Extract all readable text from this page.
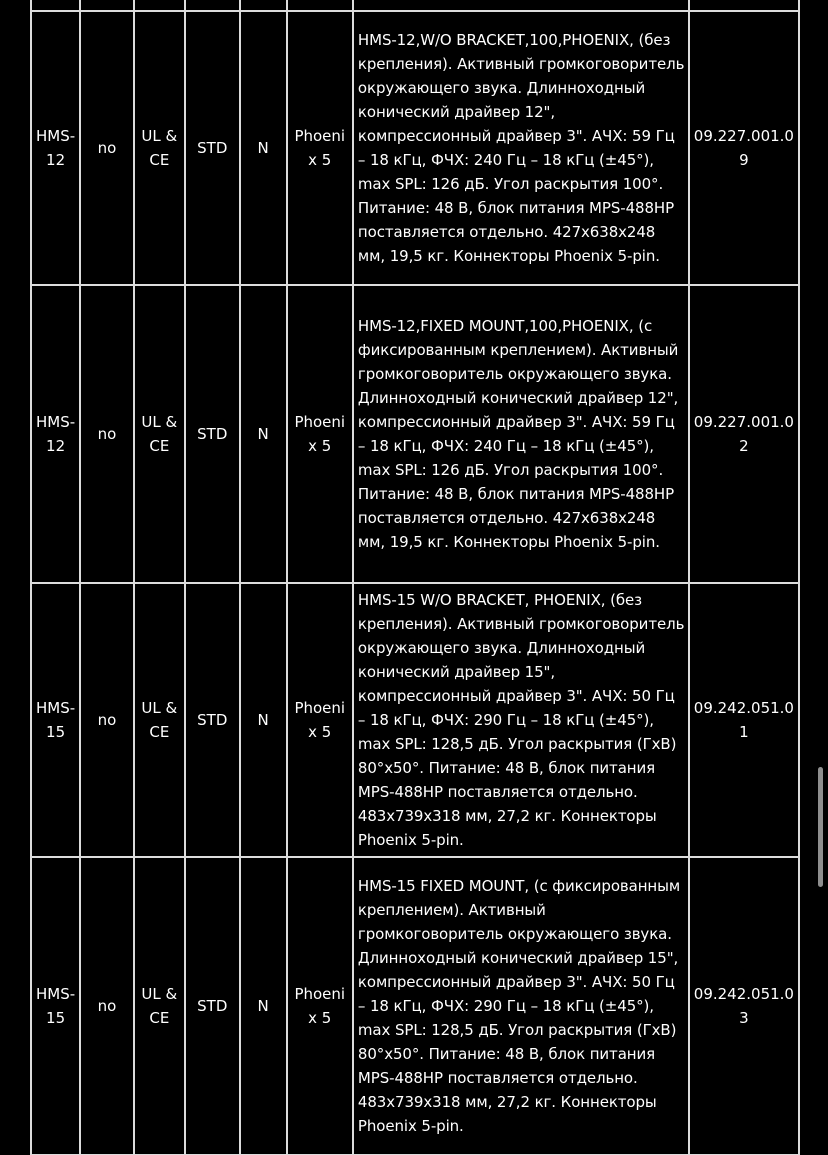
HMS-12	no	UL & CE	STD	N	Phoenix 5	HMS-12,W/O BRACKET,100,PHOENIX, (без крепления). Активный громкоговоритель окружающего звука. Длинноходный конический драйвер 12", компрессионный драйвер 3". АЧХ: 59 Гц – 18 кГц, ФЧХ: 240 Гц – 18 кГц (±45°), max SPL: 126 дБ. Угол раскрытия 100°. Питание: 48 В, блок питания MPS-488HP поставляется отдельно. 427x638x248 мм, 19,5 кг. Коннекторы Phoenix 5-pin.	09.227.001.09
HMS-12	no	UL & CE	STD	N	Phoenix 5	HMS-12,FIXED MOUNT,100,PHOENIX, (с фиксированным креплением). Активный громкоговоритель окружающего звука. Длинноходный конический драйвер 12", компрессионный драйвер 3". АЧХ: 59 Гц – 18 кГц, ФЧХ: 240 Гц – 18 кГц (±45°), max SPL: 126 дБ. Угол раскрытия 100°. Питание: 48 В, блок питания MPS-488HP поставляется отдельно. 427x638x248 мм, 19,5 кг. Коннекторы Phoenix 5-pin.	09.227.001.02
HMS-15	no	UL & CE	STD	N	Phoenix 5	HMS-15 W/O BRACKET, PHOENIX, (без крепления). Активный громкоговоритель окружающего звука. Длинноходный конический драйвер 15", компрессионный драйвер 3". АЧХ: 50 Гц – 18 кГц, ФЧХ: 290 Гц – 18 кГц (±45°), max SPL: 128,5 дБ. Угол раскрытия (ГхВ) 80°x50°. Питание: 48 В, блок питания MPS-488HP поставляется отдельно. 483x739x318 мм, 27,2 кг. Коннекторы Phoenix 5-pin.	09.242.051.01
HMS-15	no	UL & CE	STD	N	Phoenix 5	HMS-15 FIXED MOUNT, (с фиксированным креплением). Активный громкоговоритель окружающего звука. Длинноходный конический драйвер 15", компрессионный драйвер 3". АЧХ: 50 Гц – 18 кГц, ФЧХ: 290 Гц – 18 кГц (±45°), max SPL: 128,5 дБ. Угол раскрытия (ГхВ) 80°x50°. Питание: 48 В, блок питания MPS-488HP поставляется отдельно. 483x739x318 мм, 27,2 кг. Коннекторы Phoenix 5-pin.	09.242.051.03
